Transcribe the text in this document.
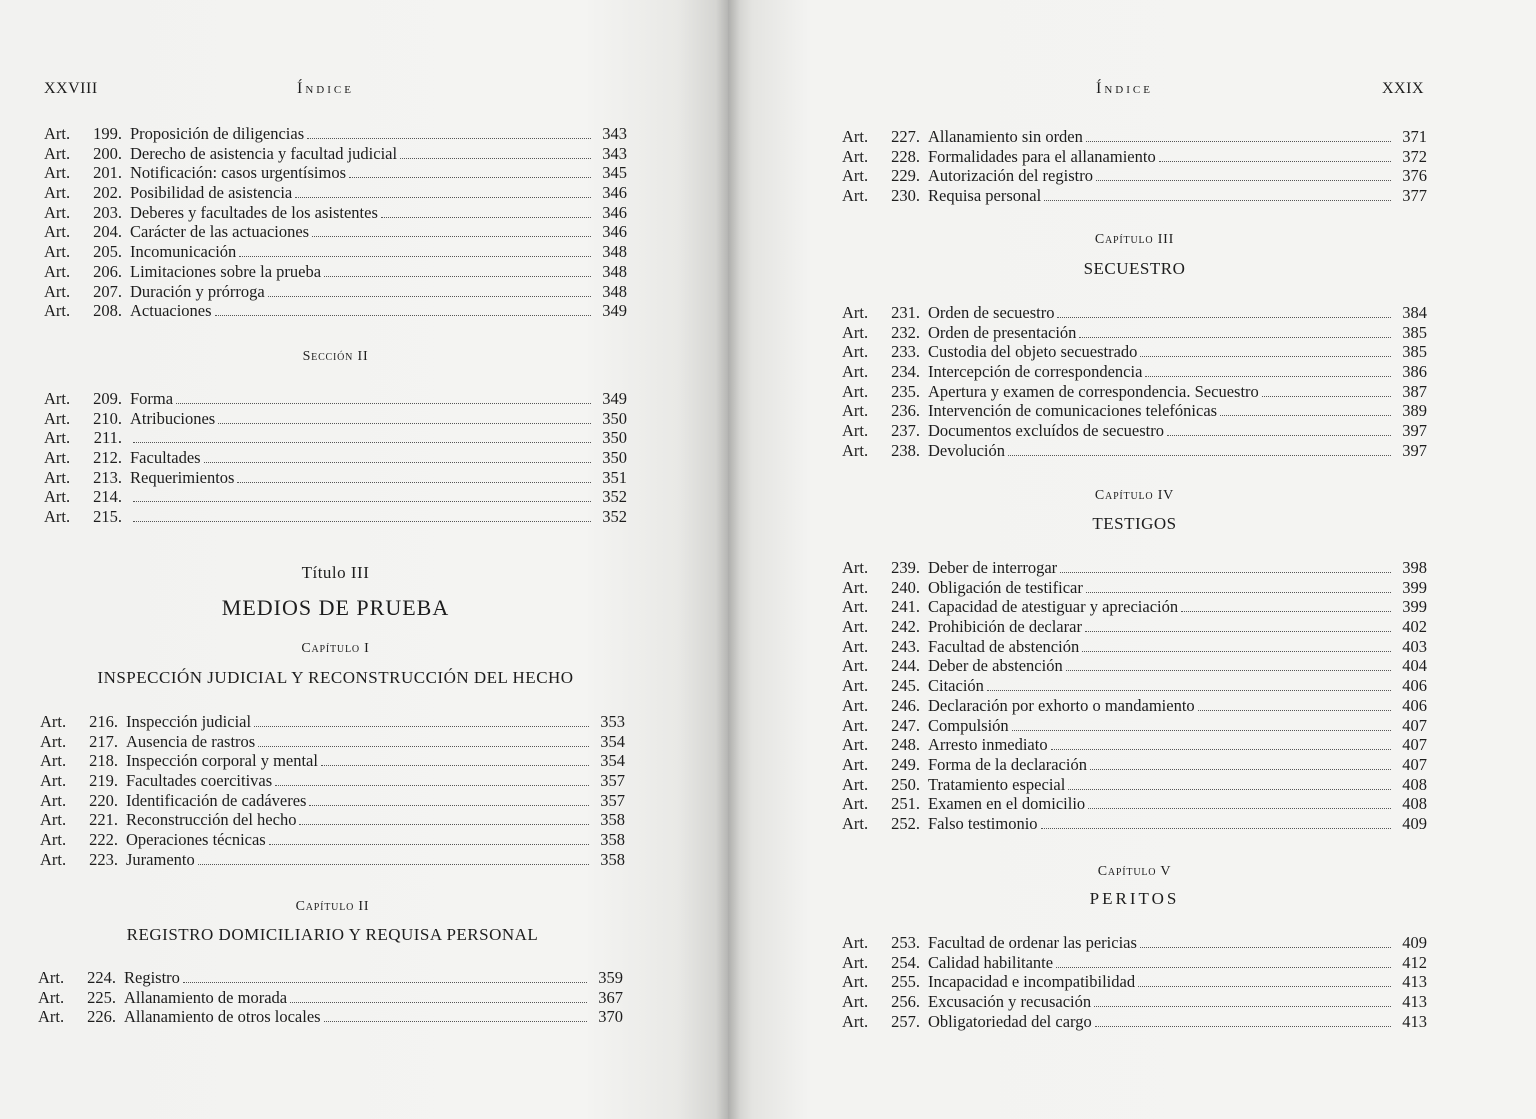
XXVIII	Índice
Art.	199. Proposición de diligencias	343
Art.	200. Derecho de asistencia y facultad judicial	343
Art.	201. Notificación: casos urgentísimos	345
Art.	202. Posibilidad de asistencia	346
Art.	203. Deberes y facultades de los asistentes	346
Art.	204. Carácter de las actuaciones	346
Art.	205. Incomunicación	348
Art.	206. Limitaciones sobre la prueba	348
Art.	207. Duración y prórroga	348
Art.	208. Actuaciones	349
Sección II
Art.	209. Forma	349
Art.	210. Atribuciones	350
Art.	211.	350
Art.	212. Facultades	350
Art.	213. Requerimientos	351
Art.	214.	352
Art.	215.	352
Título III
MEDIOS DE PRUEBA
Capítulo I
INSPECCIÓN JUDICIAL Y RECONSTRUCCIÓN DEL HECHO
Art.	216. Inspección judicial	353
Art.	217. Ausencia de rastros	354
Art.	218. Inspección corporal y mental	354
Art.	219. Facultades coercitivas	357
Art.	220. Identificación de cadáveres	357
Art.	221. Reconstrucción del hecho	358
Art.	222. Operaciones técnicas	358
Art.	223. Juramento	358
Capítulo II
REGISTRO DOMICILIARIO Y REQUISA PERSONAL
Art.	224. Registro	359
Art.	225. Allanamiento de morada	367
Art.	226. Allanamiento de otros locales	370
Índice	XXIX
Art.	227. Allanamiento sin orden	371
Art.	228. Formalidades para el allanamiento	372
Art.	229. Autorización del registro	376
Art.	230. Requisa personal	377
Capítulo III
SECUESTRO
Art.	231. Orden de secuestro	384
Art.	232. Orden de presentación	385
Art.	233. Custodia del objeto secuestrado	385
Art.	234. Intercepción de correspondencia	386
Art.	235. Apertura y examen de correspondencia. Secuestro	387
Art.	236. Intervención de comunicaciones telefónicas	389
Art.	237. Documentos excluídos de secuestro	397
Art.	238. Devolución	397
Capítulo IV
TESTIGOS
Art.	239. Deber de interrogar	398
Art.	240. Obligación de testificar	399
Art.	241. Capacidad de atestiguar y apreciación	399
Art.	242. Prohibición de declarar	402
Art.	243. Facultad de abstención	403
Art.	244. Deber de abstención	404
Art.	245. Citación	406
Art.	246. Declaración por exhorto o mandamiento	406
Art.	247. Compulsión	407
Art.	248. Arresto inmediato	407
Art.	249. Forma de la declaración	407
Art.	250. Tratamiento especial	408
Art.	251. Examen en el domicilio	408
Art.	252. Falso testimonio	409
Capítulo V
PERITOS
Art.	253. Facultad de ordenar las pericias	409
Art.	254. Calidad habilitante	412
Art.	255. Incapacidad e incompatibilidad	413
Art.	256. Excusación y recusación	413
Art.	257. Obligatoriedad del cargo	413
